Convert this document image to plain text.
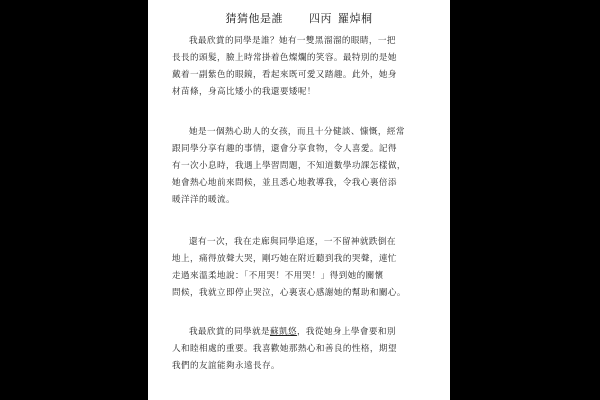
猜猜他是誰 四丙  羅焯桐
我最欣賞的同學是誰？她有一雙黑溜溜的眼睛，一把
長長的頭髮，臉上時常掛着色燦爛的笑容。最特別的是她
戴着一副紫色的眼鏡，看起來既可愛又踏趣。此外，她身
材苗條，身高比矮小的我還要矮呢！
她是一個熱心助人的女孩，而且十分健談、慷慨，經常
跟同學分享有趣的事情，還會分享食物，令人喜愛。記得
有一次小息時，我遇上學習問題，不知道數學功課怎樣做，
她會熱心地前來問候，並且悉心地教導我，令我心裏倍添
暖洋洋的暖流。
還有一次，我在走廊與同學追逐，一不留神就跌倒在
地上，痛得放聲大哭，剛巧她在附近聽到我的哭聲，連忙
走過來溫柔地說：「不用哭！不用哭！」得到她的關懷
問候，我就立即停止哭泣，心裏衷心感謝她的幫助和關心。
我最欣賞的同學就是蘇凱悠，我從她身上學會要和別
人和睦相處的重要。我喜歡她那熱心和善良的性格，期望
我們的友誼能夠永遠長存。
